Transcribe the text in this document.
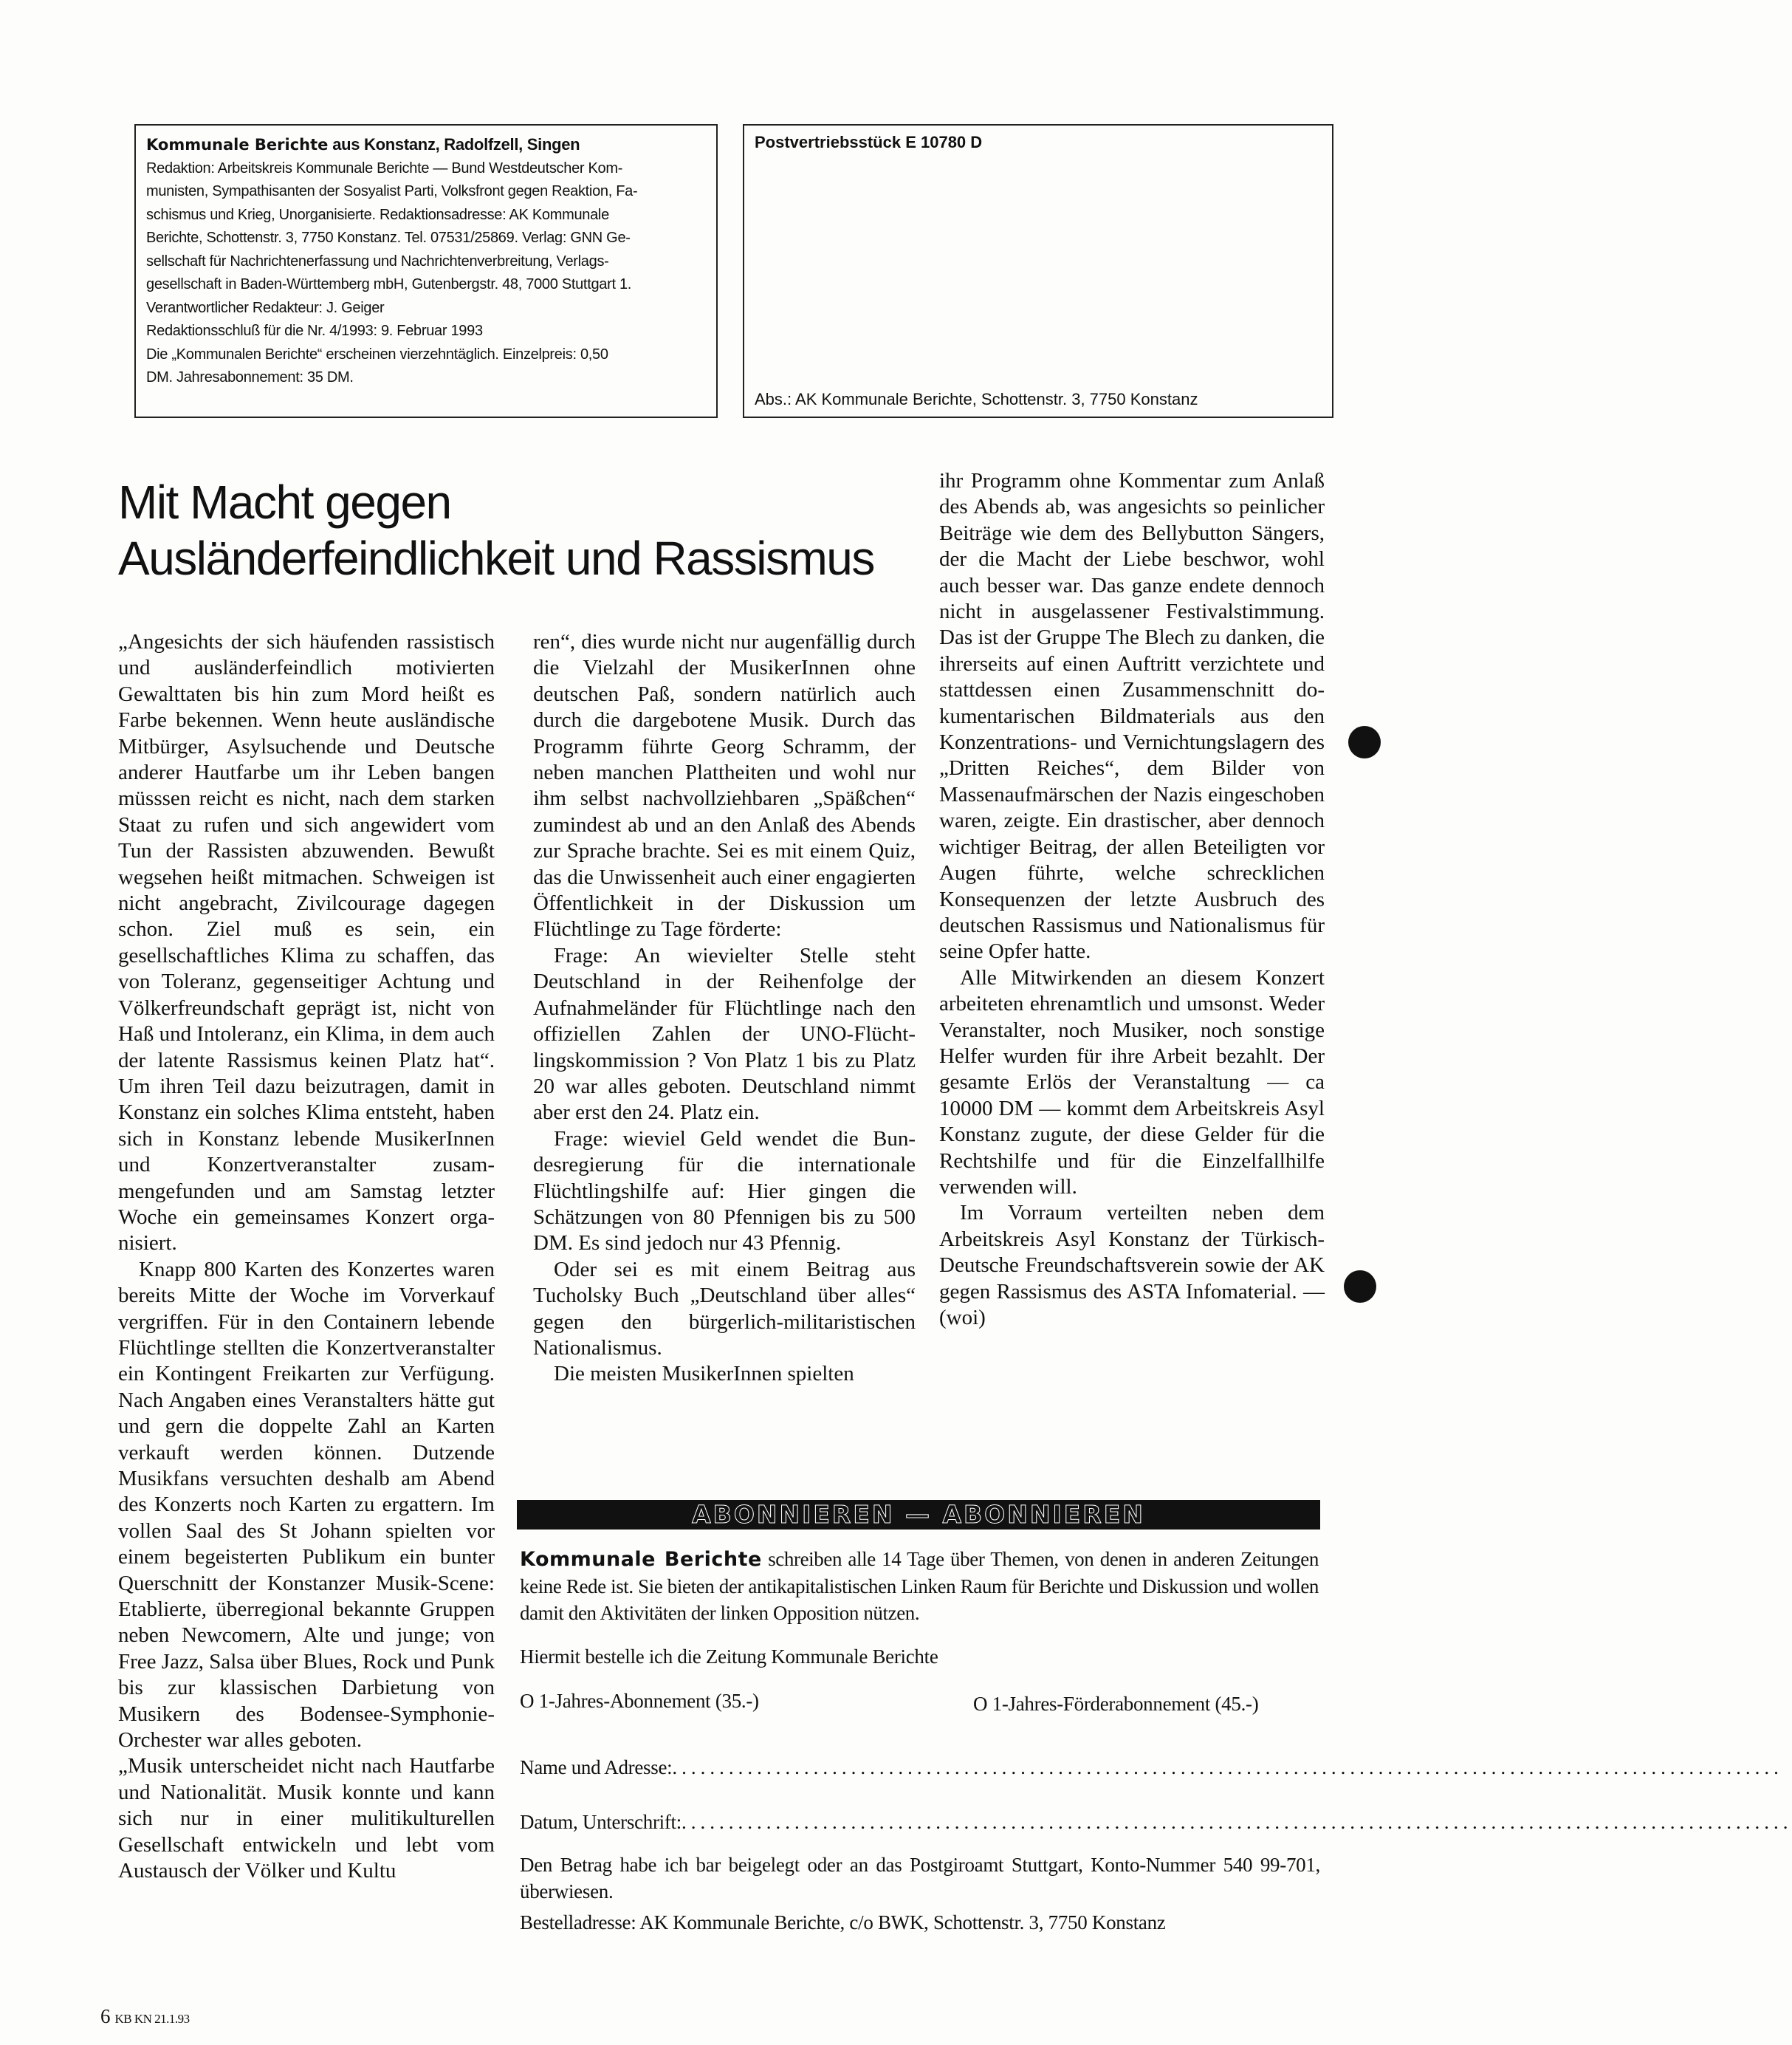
Kommunale Berichte aus Konstanz, Radolfzell, Singen

Redaktion: Arbeitskreis Kommunale Berichte — Bund Westdeutscher Kom-

munisten, Sympathisanten der Sosyalist Parti, Volksfront gegen Reaktion, Fa-

schismus und Krieg, Unorganisierte. Redaktionsadresse: AK Kommunale

Berichte, Schottenstr. 3, 7750 Konstanz. Tel. 07531/25869. Verlag: GNN Ge-

sellschaft für Nachrichtenerfassung und Nachrichtenverbreitung, Verlags-

gesellschaft in Baden-Württemberg mbH, Gutenbergstr. 48, 7000 Stuttgart 1.

Verantwortlicher Redakteur: J. Geiger

Redaktionsschluß für die Nr. 4/1993: 9. Februar 1993

Die „Kommunalen Berichte“ erscheinen vierzehntäglich. Einzelpreis: 0,50

DM. Jahresabonnement: 35 DM.

Postvertriebsstück E 10780 D
Abs.: AK Kommunale Berichte, Schottenstr. 3, 7750 Konstanz
Mit Macht gegen
Ausländerfeindlichkeit und Rassismus

„Angesichts der sich häufenden rassistisch und ausländerfeindlich motivierten Gewalttaten bis hin zum Mord heißt es Farbe bekennen. Wenn heute ausländische Mitbürger, Asylsuchende und Deutsche anderer Hautfarbe um ihr Leben bangen müsssen reicht es nicht, nach dem starken Staat zu rufen und sich angewidert vom Tun der Rassisten abzuwenden. Bewußt wegsehen heißt mitmachen. Schweigen ist nicht angebracht, Zivilcourage dagegen schon. Ziel muß es sein, ein gesellschaftliches Klima zu schaffen, das von Toleranz, gegenseitiger Achtung und Völkerfreundschaft geprägt ist, nicht von Haß und Intoleranz, ein Klima, in dem auch der latente Rassismus keinen Platz hat“. Um ihren Teil dazu beizutragen, damit in Konstanz ein solches Klima entsteht, haben sich in Konstanz lebende MusikerInnen und Konzertveranstalter zusammengefunden und am Samstag letzter Woche ein gemeinsames Konzert organisiert.

Knapp 800 Karten des Konzertes waren bereits Mitte der Woche im Vorverkauf vergriffen. Für in den Containern lebende Flüchtlinge stellten die Konzertveranstalter ein Kontingent Freikarten zur Verfügung. Nach Angaben eines Veranstalters hätte gut und gern die doppelte Zahl an Karten verkauft werden können. Dutzende Musikfans versuchten deshalb am Abend des Konzerts noch Karten zu ergattern. Im vollen Saal des St Johann spielten vor einem begeisterten Publikum ein bunter Querschnitt der Konstanzer Musik-Scene: Etablierte, überregional bekannte Gruppen neben Newcomern, Alte und junge; von Free Jazz, Salsa über Blues, Rock und Punk bis zur klassischen Darbietung von Musikern des Bodensee-Symphonie-Orchester war alles geboten.

„Musik unterscheidet nicht nach Hautfarbe und Nationalität. Musik konnte und kann sich nur in einer mulitikulturellen Gesellschaft entwickeln und lebt vom Austausch der Völker und Kultu

ren“, dies wurde nicht nur augenfällig durch die Vielzahl der MusikerInnen ohne deutschen Paß, sondern natürlich auch durch die dargebotene Musik. Durch das Programm führte Georg Schramm, der neben manchen Plattheiten und wohl nur ihm selbst nachvollziehbaren „Späßchen“ zumindest ab und an den Anlaß des Abends zur Sprache brachte. Sei es mit einem Quiz, das die Unwissenheit auch einer engagierten Öffentlichkeit in der Diskussion um Flüchtlinge zu Tage förderte:

Frage: An wievielter Stelle steht Deutschland in der Reihenfolge der Aufnahmeländer für Flüchtlinge nach den offiziellen Zahlen der UNO-Flüchtlingskommission ? Von Platz 1 bis zu Platz 20 war alles geboten. Deutschland nimmt aber erst den 24. Platz ein.

Frage: wieviel Geld wendet die Bundesregierung für die internationale Flüchtlingshilfe auf: Hier gingen die Schätzungen von 80 Pfennigen bis zu 500 DM. Es sind jedoch nur 43 Pfennig.

Oder sei es mit einem Beitrag aus Tucholsky Buch „Deutschland über alles“ gegen den bürgerlich-militaristischen Nationalismus.

Die meisten MusikerInnen spielten

ihr Programm ohne Kommentar zum Anlaß des Abends ab, was angesichts so peinlicher Beiträge wie dem des Bellybutton Sängers, der die Macht der Liebe beschwor, wohl auch besser war. Das ganze endete dennoch nicht in ausgelassener Festivalstimmung. Das ist der Gruppe The Blech zu danken, die ihrerseits auf einen Auftritt verzichtete und stattdessen einen Zusammenschnitt dokumentarischen Bildmaterials aus den Konzentrations- und Vernichtungslagern des „Dritten Reiches“, dem Bilder von Massenaufmärschen der Nazis eingeschoben waren, zeigte. Ein drastischer, aber dennoch wichtiger Beitrag, der allen Beteiligten vor Augen führte, welche schrecklichen Konsequenzen der letzte Ausbruch des deutschen Rassismus und Nationalismus für seine Opfer hatte.

Alle Mitwirkenden an diesem Konzert arbeiteten ehrenamtlich und umsonst. Weder Veranstalter, noch Musiker, noch sonstige Helfer wurden für ihre Arbeit bezahlt. Der gesamte Erlös der Veranstaltung — ca 10000 DM — kommt dem Arbeitskreis Asyl Konstanz zugute, der diese Gelder für die Rechtshilfe und für die Einzelfallhilfe verwenden will.

Im Vorraum verteilten neben dem Arbeitskreis Asyl Konstanz der Türkisch-Deutsche Freundschaftsverein sowie der AK gegen Rassismus des ASTA Infomaterial. — (woi)

ABONNIEREN — ABONNIEREN
Kommunale Berichte schreiben alle 14 Tage über Themen, von denen in anderen Zeitungen keine Rede ist. Sie bieten der antikapitalistischen Linken Raum für Berichte und Diskussion und wollen damit den Aktivitäten der linken Opposition nützen.
Hiermit bestelle ich die Zeitung Kommunale Berichte
O 1-Jahres-Abonnement (35.-)	O 1-Jahres-Förderabonnement (45.-)
Name und Adresse:......................................................................................................................
Datum, Unterschrift:......................................................................................................................
Den Betrag habe ich bar beigelegt oder an das Postgiroamt Stuttgart, Konto-Nummer 540 99-701, überwiesen.
Bestelladresse: AK Kommunale Berichte, c/o BWK, Schottenstr. 3, 7750 Konstanz
6 KB KN 21.1.93
